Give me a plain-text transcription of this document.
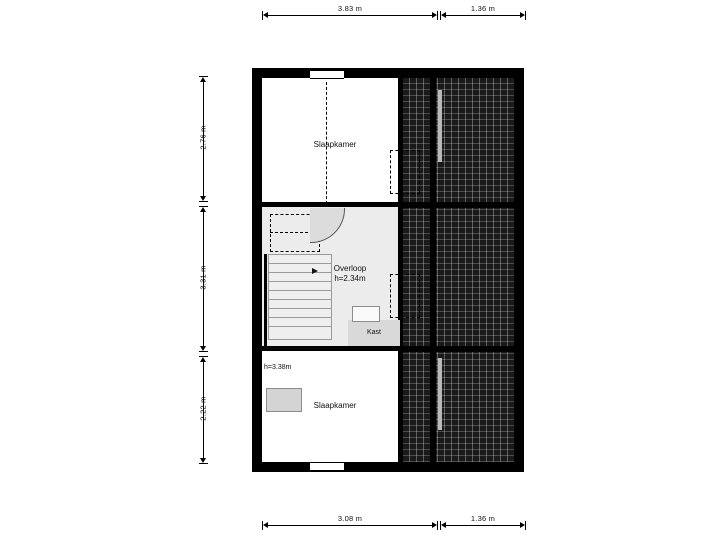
3.83 m	1.36 m
3.08 m	1.36 m
2.76 m
3.31 m
2.22 m
Slaapkamer
Overloop
h=2.34m
Kast
Slaapkamer
h=3.38m
